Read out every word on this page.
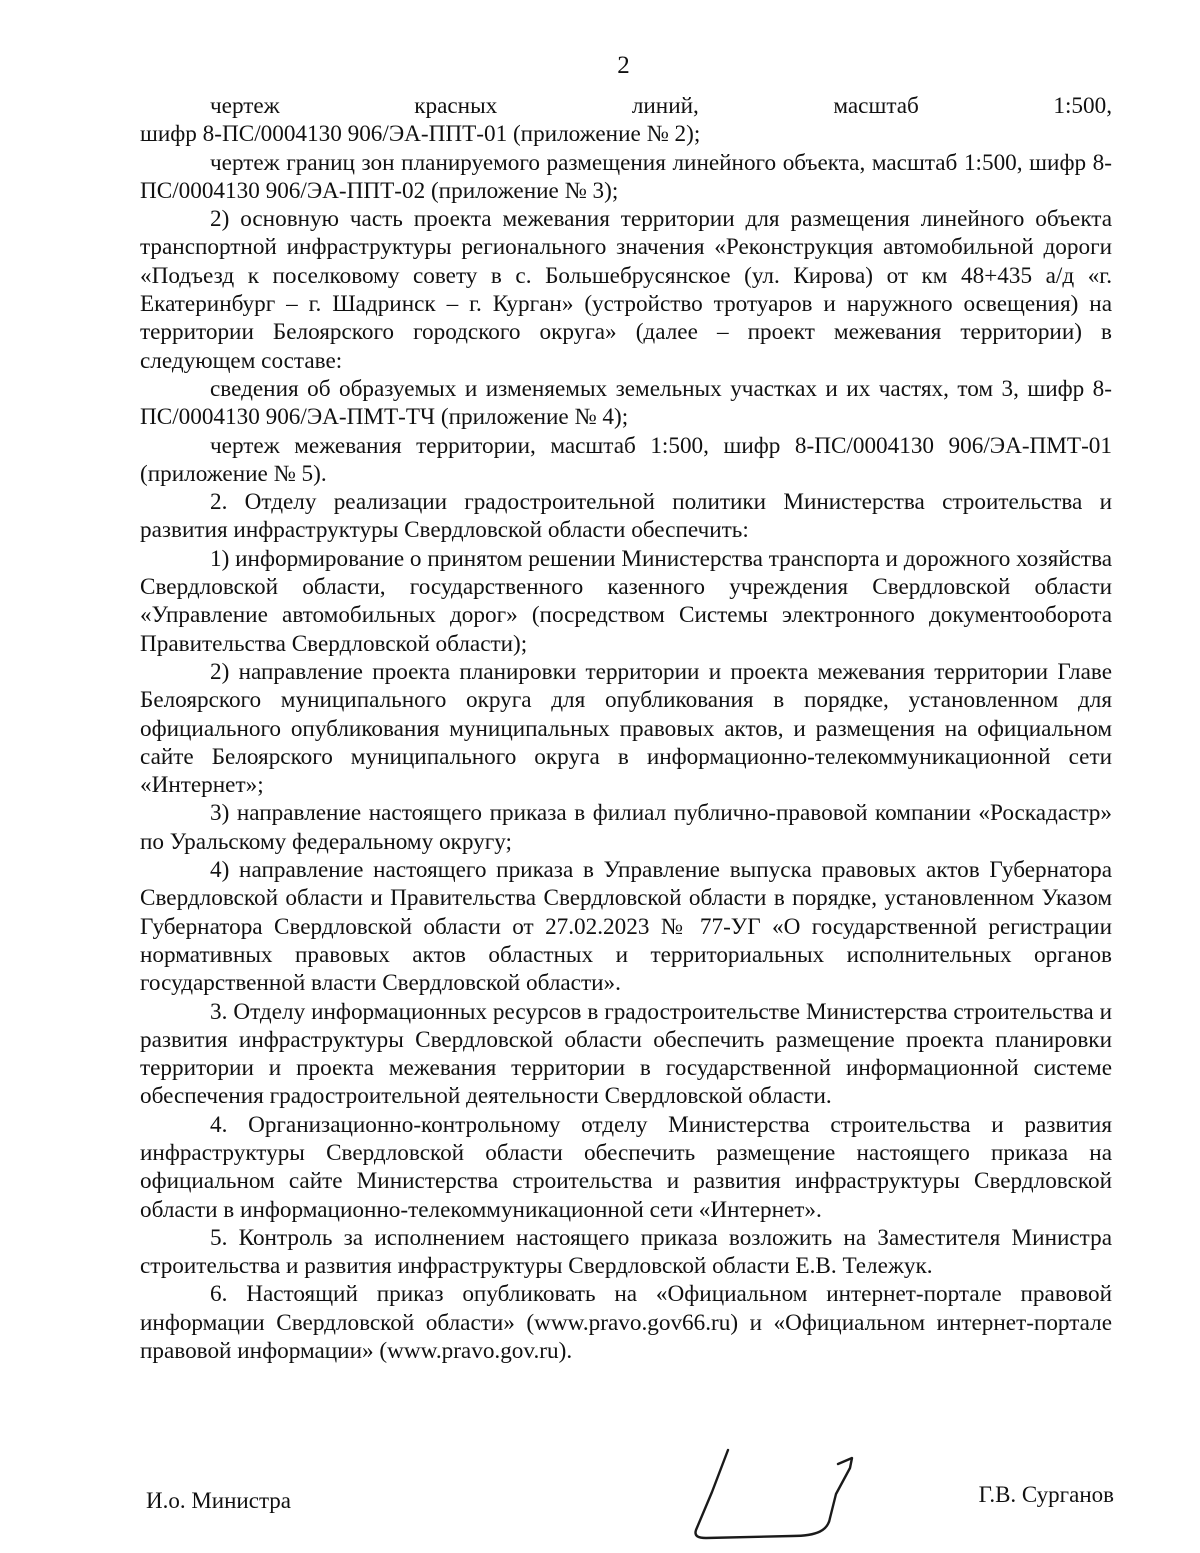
2

чертеж красных линий, масштаб 1:500,

шифр 8-ПС/0004130 906/ЭА-ППТ-01 (приложение № 2);

чертеж границ зон планируемого размещения линейного объекта, масштаб 1:500, шифр 8-ПС/0004130 906/ЭА-ППТ-02 (приложение № 3);

2) основную часть проекта межевания территории для размещения линейного объекта транспортной инфраструктуры регионального значения «Реконструкция автомобильной дороги «Подъезд к поселковому совету в с. Большебрусянское (ул. Кирова) от км 48+435 а/д «г. Екатеринбург – г. Шадринск – г. Курган» (устройство тротуаров и наружного освещения) на территории Белоярского городского округа» (далее – проект межевания территории) в следующем составе:

сведения об образуемых и изменяемых земельных участках и их частях, том 3, шифр 8-ПС/0004130 906/ЭА-ПМТ-ТЧ (приложение № 4);

чертеж межевания территории, масштаб 1:500, шифр 8-ПС/0004130 906/ЭА-ПМТ-01 (приложение № 5).

2. Отделу реализации градостроительной политики Министерства строительства и развития инфраструктуры Свердловской области обеспечить:

1) информирование о принятом решении Министерства транспорта и дорожного хозяйства Свердловской области, государственного казенного учреждения Свердловской области «Управление автомобильных дорог» (посредством Системы электронного документооборота Правительства Свердловской области);

2) направление проекта планировки территории и проекта межевания территории Главе Белоярского муниципального округа для опубликования в порядке, установленном для официального опубликования муниципальных правовых актов, и размещения на официальном сайте Белоярского муниципального округа в информационно-телекоммуникационной сети «Интернет»;

3) направление настоящего приказа в филиал публично-правовой компании «Роскадастр» по Уральскому федеральному округу;

4) направление настоящего приказа в Управление выпуска правовых актов Губернатора Свердловской области и Правительства Свердловской области в порядке, установленном Указом Губернатора Свердловской области от 27.02.2023 № 77-УГ «О государственной регистрации нормативных правовых актов областных и территориальных исполнительных органов государственной власти Свердловской области».

3. Отделу информационных ресурсов в градостроительстве Министерства строительства и развития инфраструктуры Свердловской области обеспечить размещение проекта планировки территории и проекта межевания территории в государственной информационной системе обеспечения градостроительной деятельности Свердловской области.

4. Организационно-контрольному отделу Министерства строительства и развития инфраструктуры Свердловской области обеспечить размещение настоящего приказа на официальном сайте Министерства строительства и развития инфраструктуры Свердловской области в информационно-телекоммуникационной сети «Интернет».

5. Контроль за исполнением настоящего приказа возложить на Заместителя Министра строительства и развития инфраструктуры Свердловской области Е.В. Тележук.

6. Настоящий приказ опубликовать на «Официальном интернет-портале правовой информации Свердловской области» (www.pravo.gov66.ru) и «Официальном интернет-портале правовой информации» (www.pravo.gov.ru).

И.о. Министра	Г.В. Сурганов
